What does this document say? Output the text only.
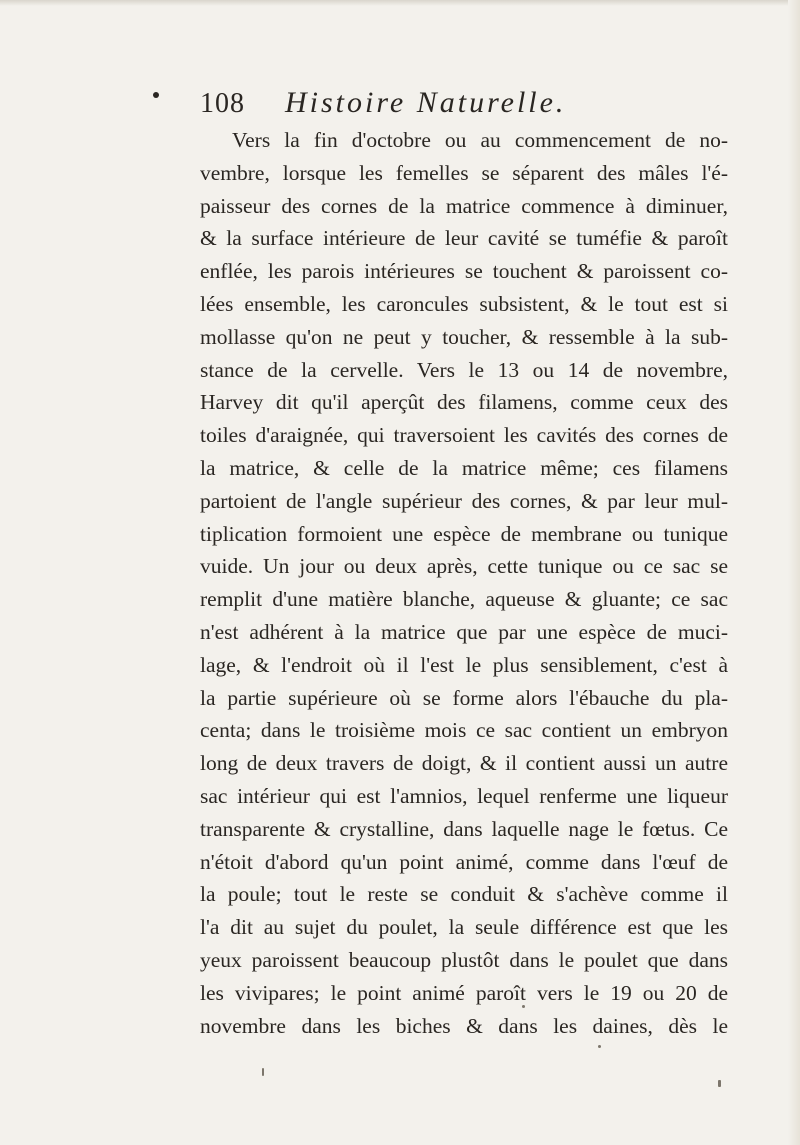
108 Histoire Naturelle.
Vers la fin d'octobre ou au commencement de no-
vembre, lorsque les femelles se séparent des mâles l'é-
paisseur des cornes de la matrice commence à diminuer,
& la surface intérieure de leur cavité se tuméfie & paroît
enflée, les parois intérieures se touchent & paroissent co-
lées ensemble, les caroncules subsistent, & le tout est si
mollasse qu'on ne peut y toucher, & ressemble à la sub-
stance de la cervelle. Vers le 13 ou 14 de novembre,
Harvey dit qu'il aperçût des filamens, comme ceux des
toiles d'araignée, qui traversoient les cavités des cornes de
la matrice, & celle de la matrice même; ces filamens
partoient de l'angle supérieur des cornes, & par leur mul-
tiplication formoient une espèce de membrane ou tunique
vuide. Un jour ou deux après, cette tunique ou ce sac se
remplit d'une matière blanche, aqueuse & gluante; ce sac
n'est adhérent à la matrice que par une espèce de muci-
lage, & l'endroit où il l'est le plus sensiblement, c'est à
la partie supérieure où se forme alors l'ébauche du pla-
centa; dans le troisième mois ce sac contient un embryon
long de deux travers de doigt, & il contient aussi un autre
sac intérieur qui est l'amnios, lequel renferme une liqueur
transparente & crystalline, dans laquelle nage le fœtus. Ce
n'étoit d'abord qu'un point animé, comme dans l'œuf de
la poule; tout le reste se conduit & s'achève comme il
l'a dit au sujet du poulet, la seule différence est que les
yeux paroissent beaucoup plustôt dans le poulet que dans
les vivipares; le point animé paroît vers le 19 ou 20 de
novembre dans les biches & dans les daines, dès le
